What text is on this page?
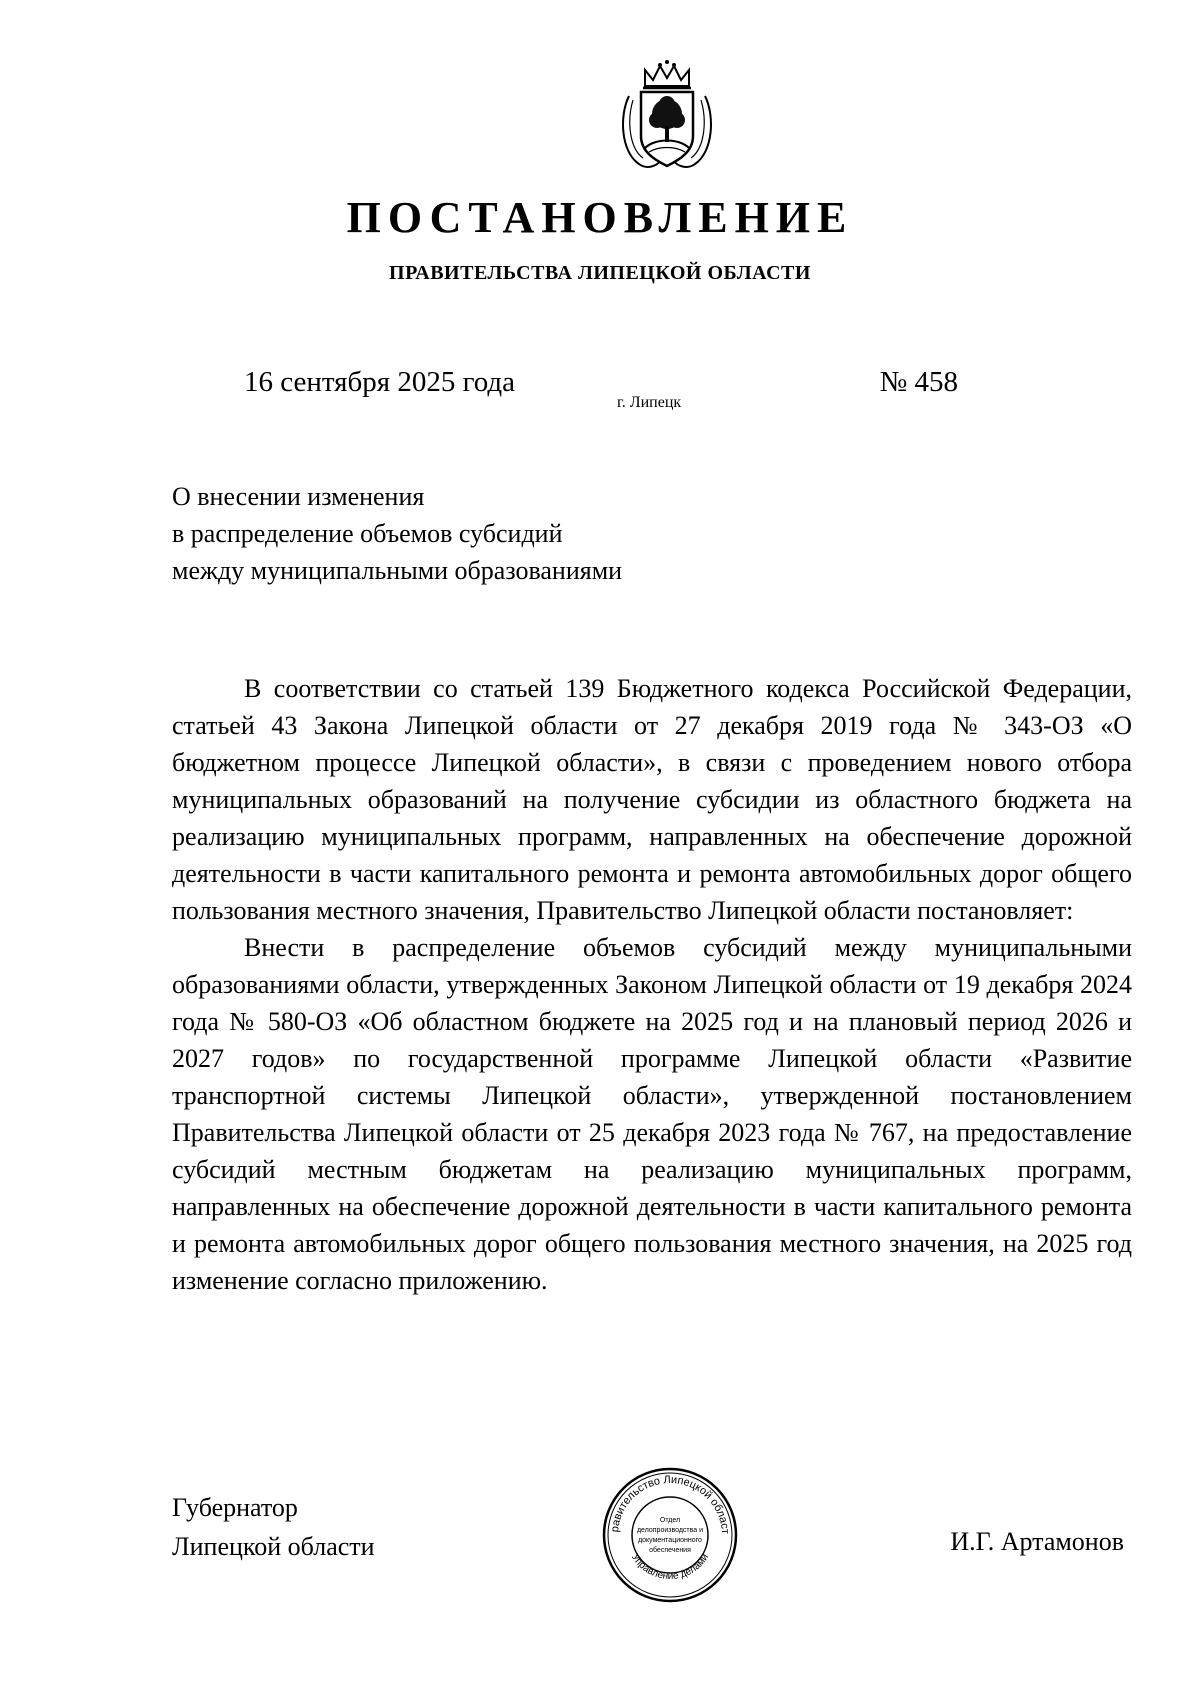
ПОСТАНОВЛЕНИЕ
ПРАВИТЕЛЬСТВА ЛИПЕЦКОЙ ОБЛАСТИ
16 сентября 2025 года
г. Липецк
№ 458
О внесении изменения
в распределение объемов субсидий
между муниципальными образованиями

В соответствии со статьей 139 Бюджетного кодекса Российской Федерации, статьей 43 Закона Липецкой области от 27 декабря 2019 года № 343-ОЗ «О бюджетном процессе Липецкой области», в связи с проведением нового отбора муниципальных образований на получение субсидии из областного бюджета на реализацию муниципальных программ, направленных на обеспечение дорожной деятельности в части капитального ремонта и ремонта автомобильных дорог общего пользования местного значения, Правительство Липецкой области постановляет:

Внести в распределение объемов субсидий между муниципальными образованиями области, утвержденных Законом Липецкой области от 19 декабря 2024 года № 580-ОЗ «Об областном бюджете на 2025 год и на плановый период 2026 и 2027 годов» по государственной программе Липецкой области «Развитие транспортной системы Липецкой области», утвержденной постановлением Правительства Липецкой области от 25 декабря 2023 года № 767, на предоставление субсидий местным бюджетам на реализацию муниципальных программ, направленных на обеспечение дорожной деятельности в части капитального ремонта и ремонта автомобильных дорог общего пользования местного значения, на 2025 год изменение согласно приложению.

Губернатор
Липецкой области
равительство Липецкой област
Управление делами
Отдел
делопроизводства и
документационного
обеспечения	И.Г. Артамонов
